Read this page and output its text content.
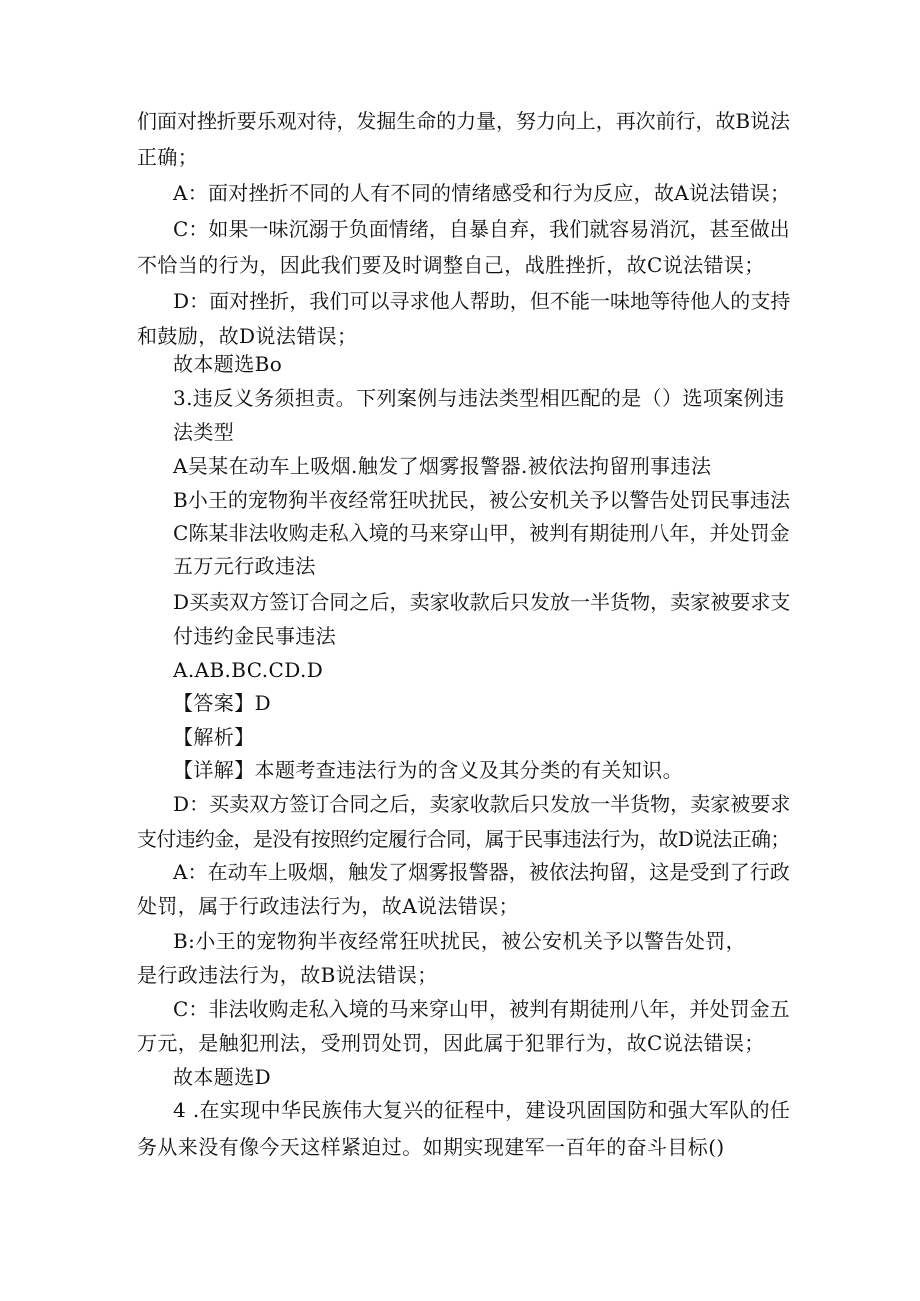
们面对挫折要乐观对待，发掘生命的力量，努力向上，再次前行，故B说法
正确；
A：面对挫折不同的人有不同的情绪感受和行为反应，故A说法错误；
C：如果一味沉溺于负面情绪，自暴自弃，我们就容易消沉，甚至做出
不恰当的行为，因此我们要及时调整自己，战胜挫折，故C说法错误；
D：面对挫折，我们可以寻求他人帮助，但不能一味地等待他人的支持
和鼓励，故D说法错误；
故本题选Bo
3.违反义务须担责。下列案例与违法类型相匹配的是（）选项案例违
法类型
A吴某在动车上吸烟.触发了烟雾报警器.被依法拘留刑事违法
B小王的宠物狗半夜经常狂吠扰民，被公安机关予以警告处罚民事违法
C陈某非法收购走私入境的马来穿山甲，被判有期徒刑八年，并处罚金
五万元行政违法
D买卖双方签订合同之后，卖家收款后只发放一半货物，卖家被要求支
付违约金民事违法
A.AB.BC.CD.D
【答案】D
【解析】
【详解】本题考查违法行为的含义及其分类的有关知识。
D：买卖双方签订合同之后，卖家收款后只发放一半货物，卖家被要求
支付违约金，是没有按照约定履行合同，属于民事违法行为，故D说法正确；
A：在动车上吸烟，触发了烟雾报警器，被依法拘留，这是受到了行政
处罚，属于行政违法行为，故A说法错误；
B:小王的宠物狗半夜经常狂吠扰民，被公安机关予以警告处罚，
是行政违法行为，故B说法错误；
C：非法收购走私入境的马来穿山甲，被判有期徒刑八年，并处罚金五
万元，是触犯刑法，受刑罚处罚，因此属于犯罪行为，故C说法错误；
故本题选D
4 .在实现中华民族伟大复兴的征程中，建设巩固国防和强大军队的任
务从来没有像今天这样紧迫过。如期实现建军一百年的奋斗目标()
